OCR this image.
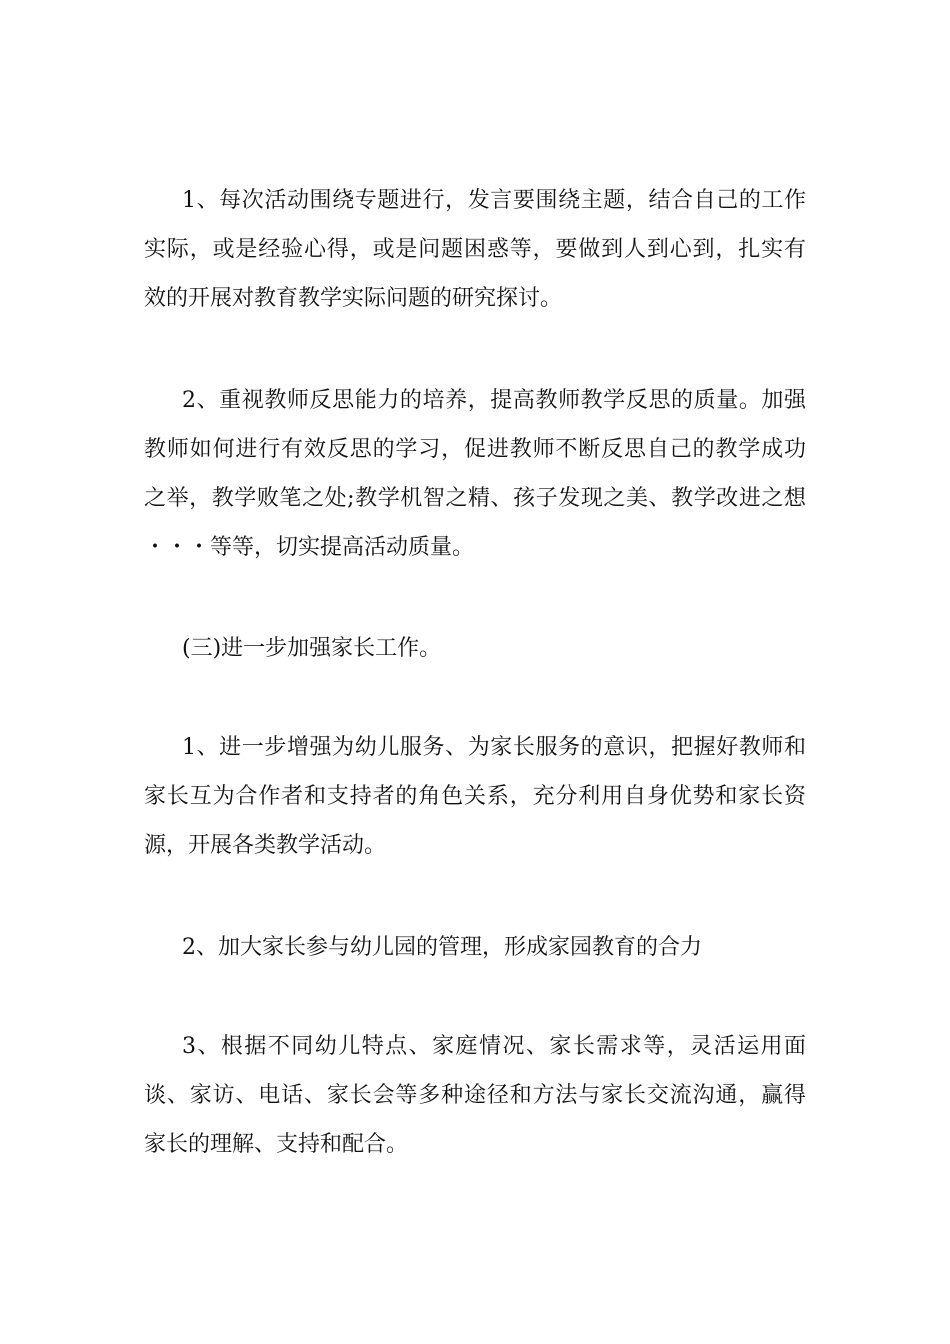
1、每次活动围绕专题进行，发言要围绕主题，结合自己的工作
实际，或是经验心得，或是问题困惑等，要做到人到心到，扎实有
效的开展对教育教学实际问题的研究探讨。
2、重视教师反思能力的培养，提高教师教学反思的质量。加强
教师如何进行有效反思的学习，促进教师不断反思自己的教学成功
之举，教学败笔之处;教学机智之精、孩子发现之美、教学改进之想
・・・等等，切实提高活动质量。
(三)进一步加强家长工作。
1、进一步增强为幼儿服务、为家长服务的意识，把握好教师和
家长互为合作者和支持者的角色关系，充分利用自身优势和家长资
源，开展各类教学活动。
2、加大家长参与幼儿园的管理，形成家园教育的合力
3、根据不同幼儿特点、家庭情况、家长需求等，灵活运用面
谈、家访、电话、家长会等多种途径和方法与家长交流沟通，赢得
家长的理解、支持和配合。
